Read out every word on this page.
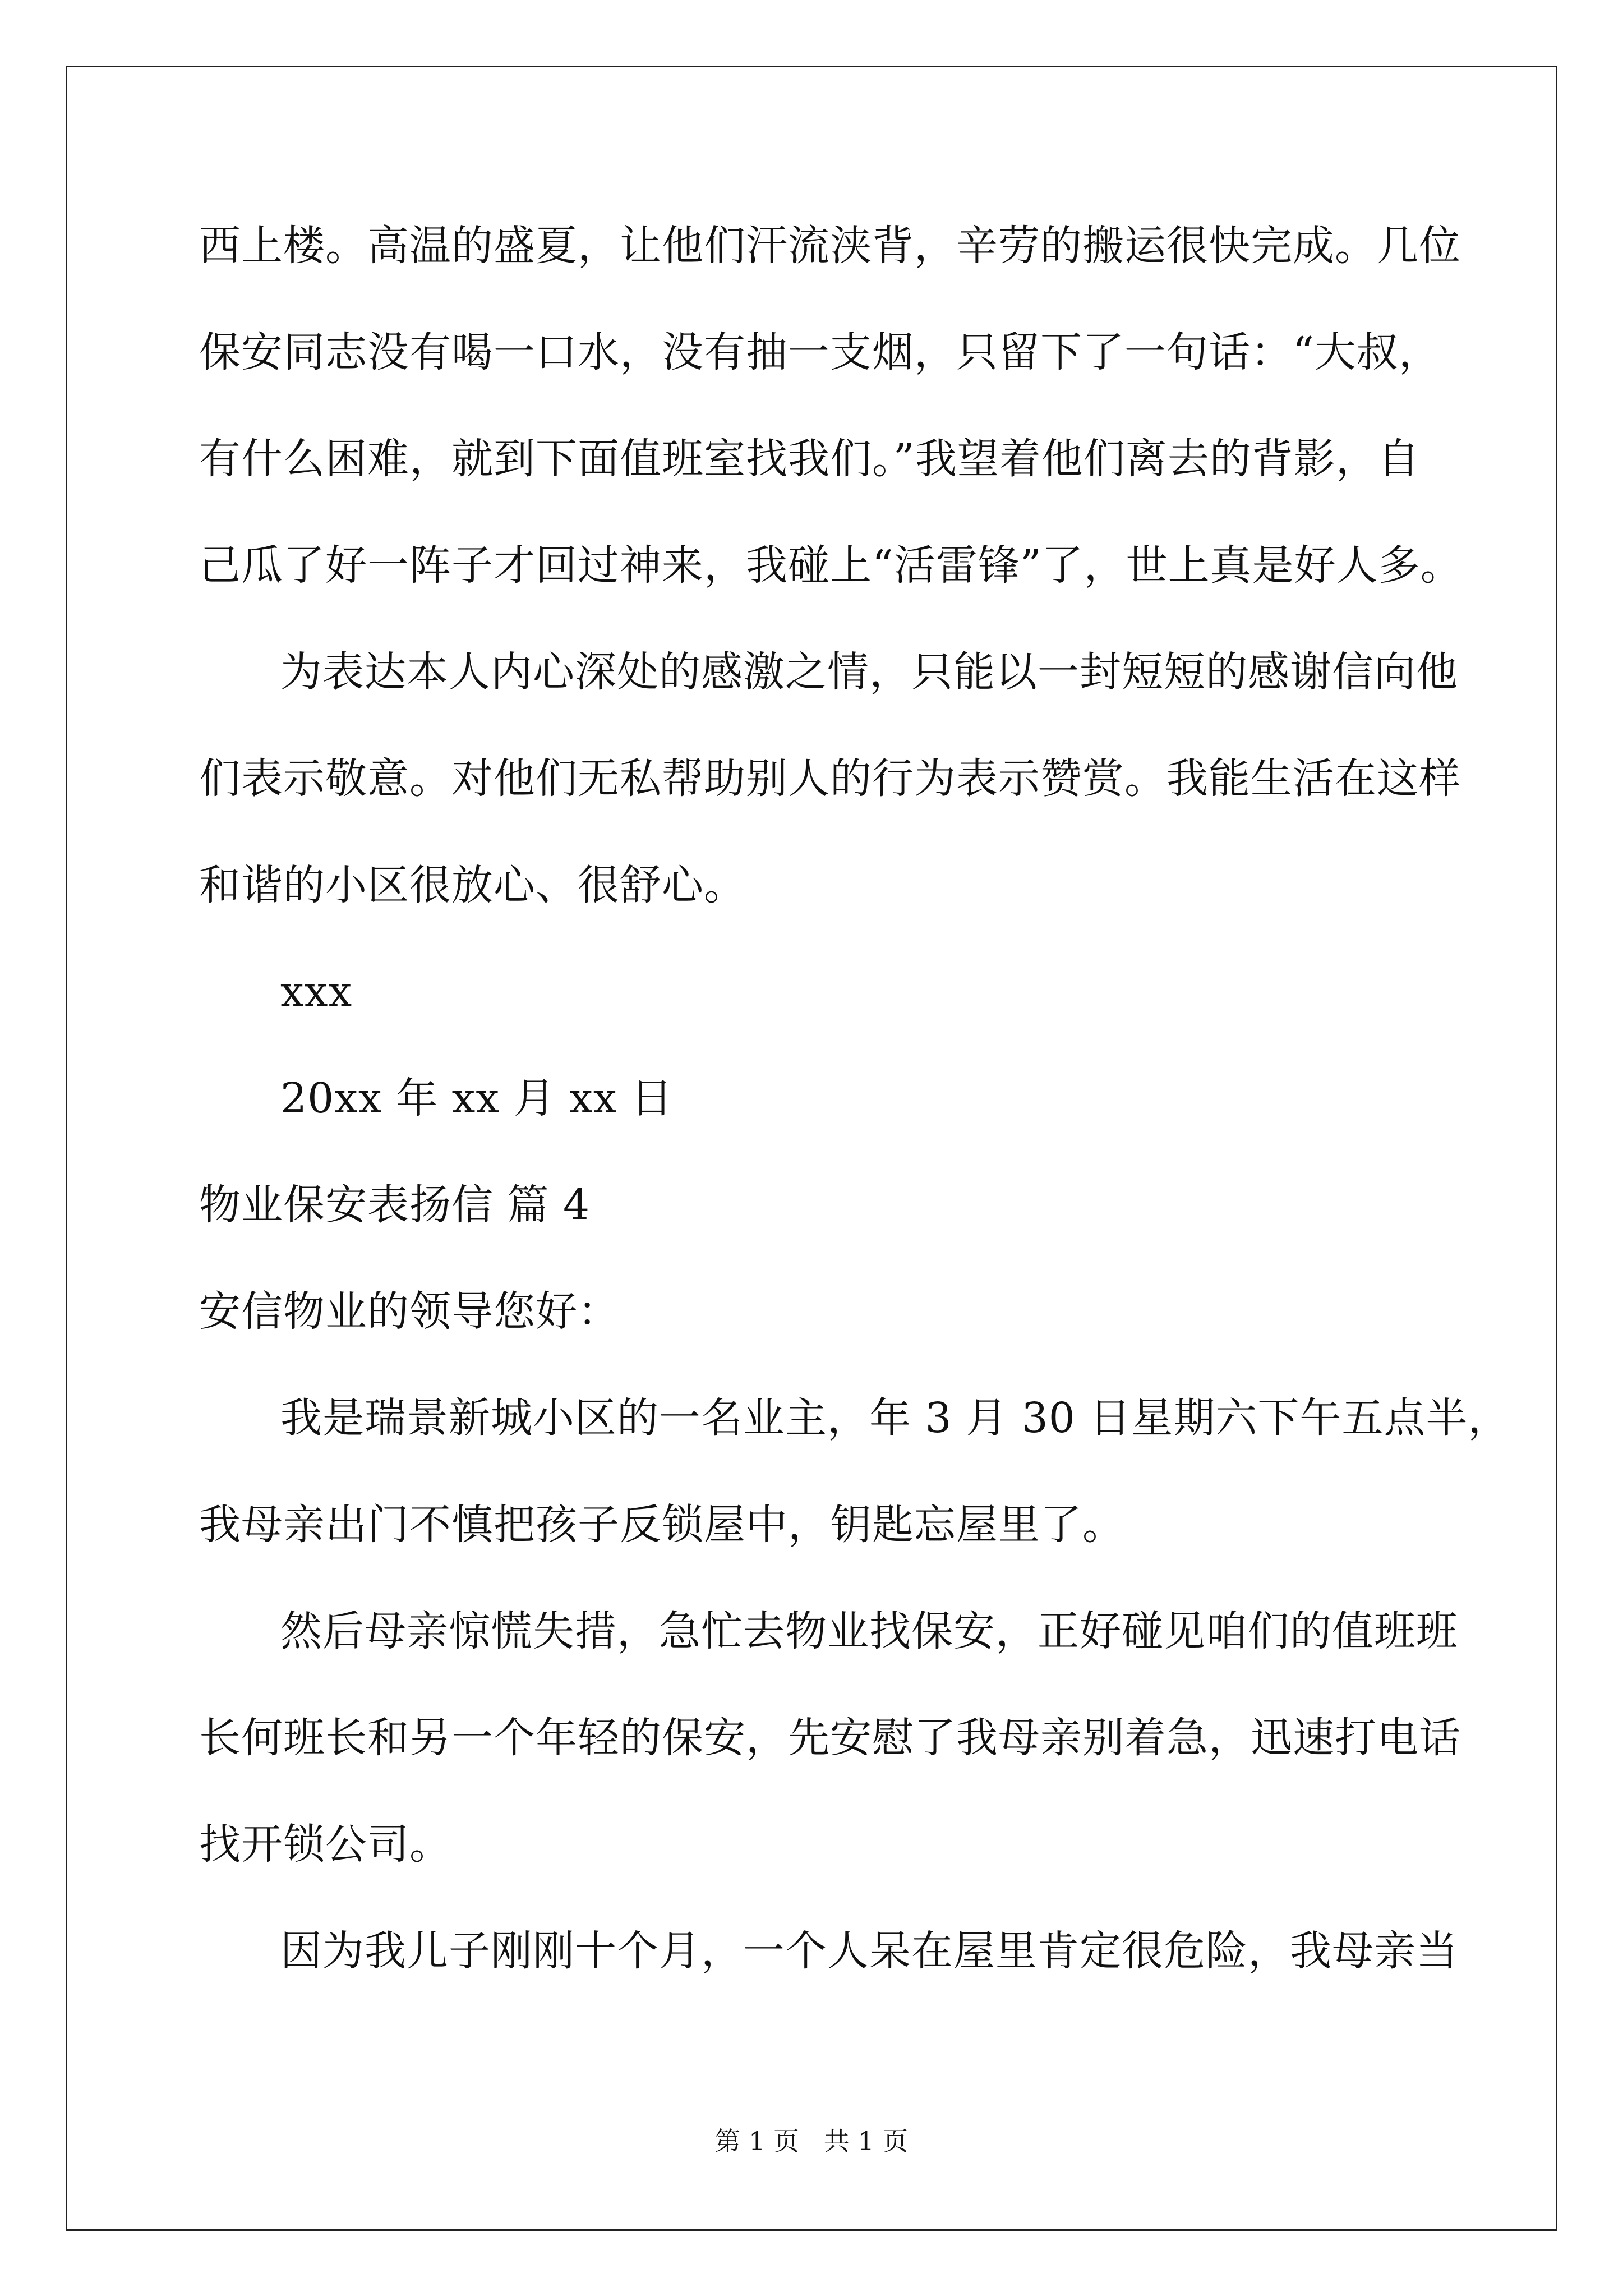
西上楼。高温的盛夏，让他们汗流浃背，辛劳的搬运很快完成。几位
保安同志没有喝一口水，没有抽一支烟，只留下了一句话：“大叔，
有什么困难，就到下面值班室找我们。”我望着他们离去的背影，自
己瓜了好一阵子才回过神来，我碰上“活雷锋”了，世上真是好人多。
为表达本人内心深处的感激之情，只能以一封短短的感谢信向他
们表示敬意。对他们无私帮助别人的行为表示赞赏。我能生活在这样
和谐的小区很放心、很舒心。
xxx
20xx 年 xx 月 xx 日
物业保安表扬信 篇 4
安信物业的领导您好：
我是瑞景新城小区的一名业主，年 3 月 30 日星期六下午五点半，
我母亲出门不慎把孩子反锁屋中，钥匙忘屋里了。
然后母亲惊慌失措，急忙去物业找保安，正好碰见咱们的值班班
长何班长和另一个年轻的保安，先安慰了我母亲别着急，迅速打电话
找开锁公司。
因为我儿子刚刚十个月，一个人呆在屋里肯定很危险，我母亲当
第 1 页   共 1 页
